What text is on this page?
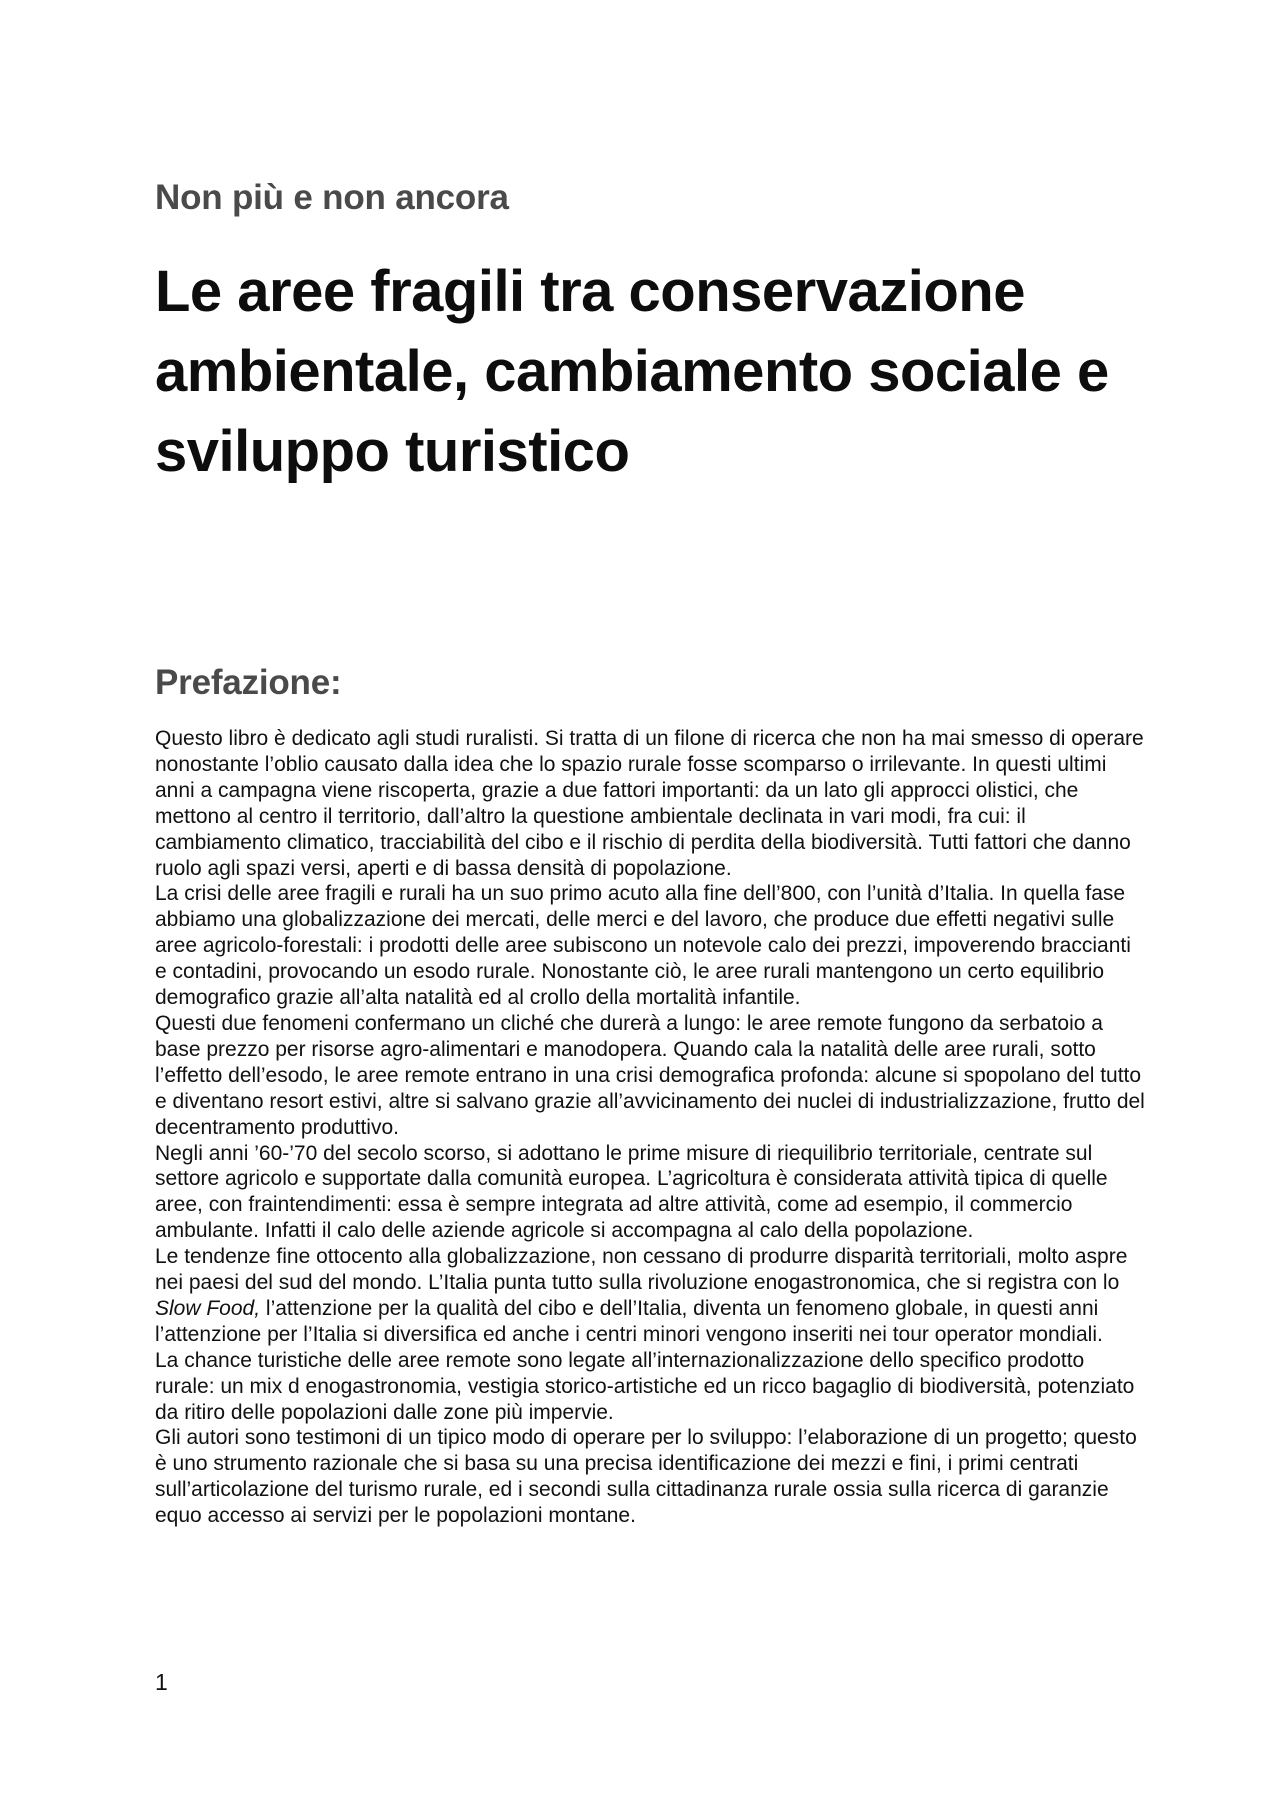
Non più e non ancora
Le aree fragili tra conservazione ambientale, cambiamento sociale e sviluppo turistico
Prefazione:

Questo libro è dedicato agli studi ruralisti. Si tratta di un filone di ricerca che non ha mai smesso di operare nonostante l’oblio causato dalla idea che lo spazio rurale fosse scomparso o irrilevante. In questi ultimi anni a campagna viene riscoperta, grazie a due fattori importanti: da un lato gli approcci olistici, che mettono al centro il territorio, dall’altro la questione ambientale declinata in vari modi, fra cui: il cambiamento climatico, tracciabilità del cibo e il rischio di perdita della biodiversità. Tutti fattori che danno ruolo agli spazi versi, aperti e di bassa densità di popolazione.

La crisi delle aree fragili e rurali ha un suo primo acuto alla fine dell’800, con l’unità d’Italia. In quella fase abbiamo una globalizzazione dei mercati, delle merci e del lavoro, che produce due effetti negativi sulle aree agricolo-forestali: i prodotti delle aree subiscono un notevole calo dei prezzi, impoverendo braccianti e contadini, provocando un esodo rurale. Nonostante ciò, le aree rurali mantengono un certo equilibrio demografico grazie all’alta natalità ed al crollo della mortalità infantile.

Questi due fenomeni confermano un cliché che durerà a lungo: le aree remote fungono da serbatoio a base prezzo per risorse agro-alimentari e manodopera. Quando cala la natalità delle aree rurali, sotto l’effetto dell’esodo, le aree remote entrano in una crisi demografica profonda: alcune si spopolano del tutto e diventano resort estivi, altre si salvano grazie all’avvicinamento dei nuclei di industrializzazione, frutto del decentramento produttivo.

Negli anni ’60-’70 del secolo scorso, si adottano le prime misure di riequilibrio territoriale, centrate sul settore agricolo e supportate dalla comunità europea. L’agricoltura è considerata attività tipica di quelle aree, con fraintendimenti: essa è sempre integrata ad altre attività, come ad esempio, il commercio ambulante. Infatti il calo delle aziende agricole si accompagna al calo della popolazione.

Le tendenze fine ottocento alla globalizzazione, non cessano di produrre disparità territoriali, molto aspre nei paesi del sud del mondo. L’Italia punta tutto sulla rivoluzione enogastronomica, che si registra con lo Slow Food, l’attenzione per la qualità del cibo e dell’Italia, diventa un fenomeno globale, in questi anni l’attenzione per l’Italia si diversifica ed anche i centri minori vengono inseriti nei tour operator mondiali.

La chance turistiche delle aree remote sono legate all’internazionalizzazione dello specifico prodotto rurale: un mix d enogastronomia, vestigia storico-artistiche ed un ricco bagaglio di biodiversità, potenziato da ritiro delle popolazioni dalle zone più impervie.

Gli autori sono testimoni di un tipico modo di operare per lo sviluppo: l’elaborazione di un progetto; questo è uno strumento razionale che si basa su una precisa identificazione dei mezzi e fini, i primi centrati sull’articolazione del turismo rurale, ed i secondi sulla cittadinanza rurale ossia sulla ricerca di garanzie equo accesso ai servizi per le popolazioni montane.

1
